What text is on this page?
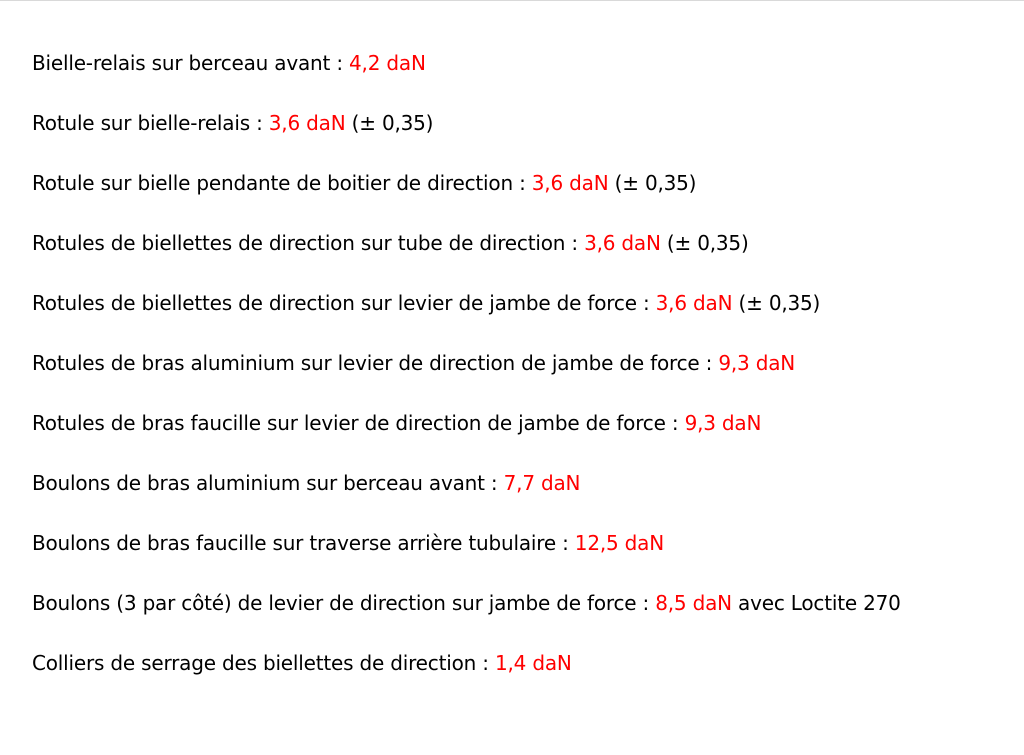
Bielle-relais sur berceau avant : 4,2 daN
Rotule sur bielle-relais : 3,6 daN (± 0,35)
Rotule sur bielle pendante de boitier de direction : 3,6 daN (± 0,35)
Rotules de biellettes de direction sur tube de direction : 3,6 daN (± 0,35)
Rotules de biellettes de direction sur levier de jambe de force : 3,6 daN (± 0,35)
Rotules de bras aluminium sur levier de direction de jambe de force : 9,3 daN
Rotules de bras faucille sur levier de direction de jambe de force : 9,3 daN
Boulons de bras aluminium sur berceau avant : 7,7 daN
Boulons de bras faucille sur traverse arrière tubulaire : 12,5 daN
Boulons (3 par côté) de levier de direction sur jambe de force : 8,5 daN avec Loctite 270
Colliers de serrage des biellettes de direction : 1,4 daN
